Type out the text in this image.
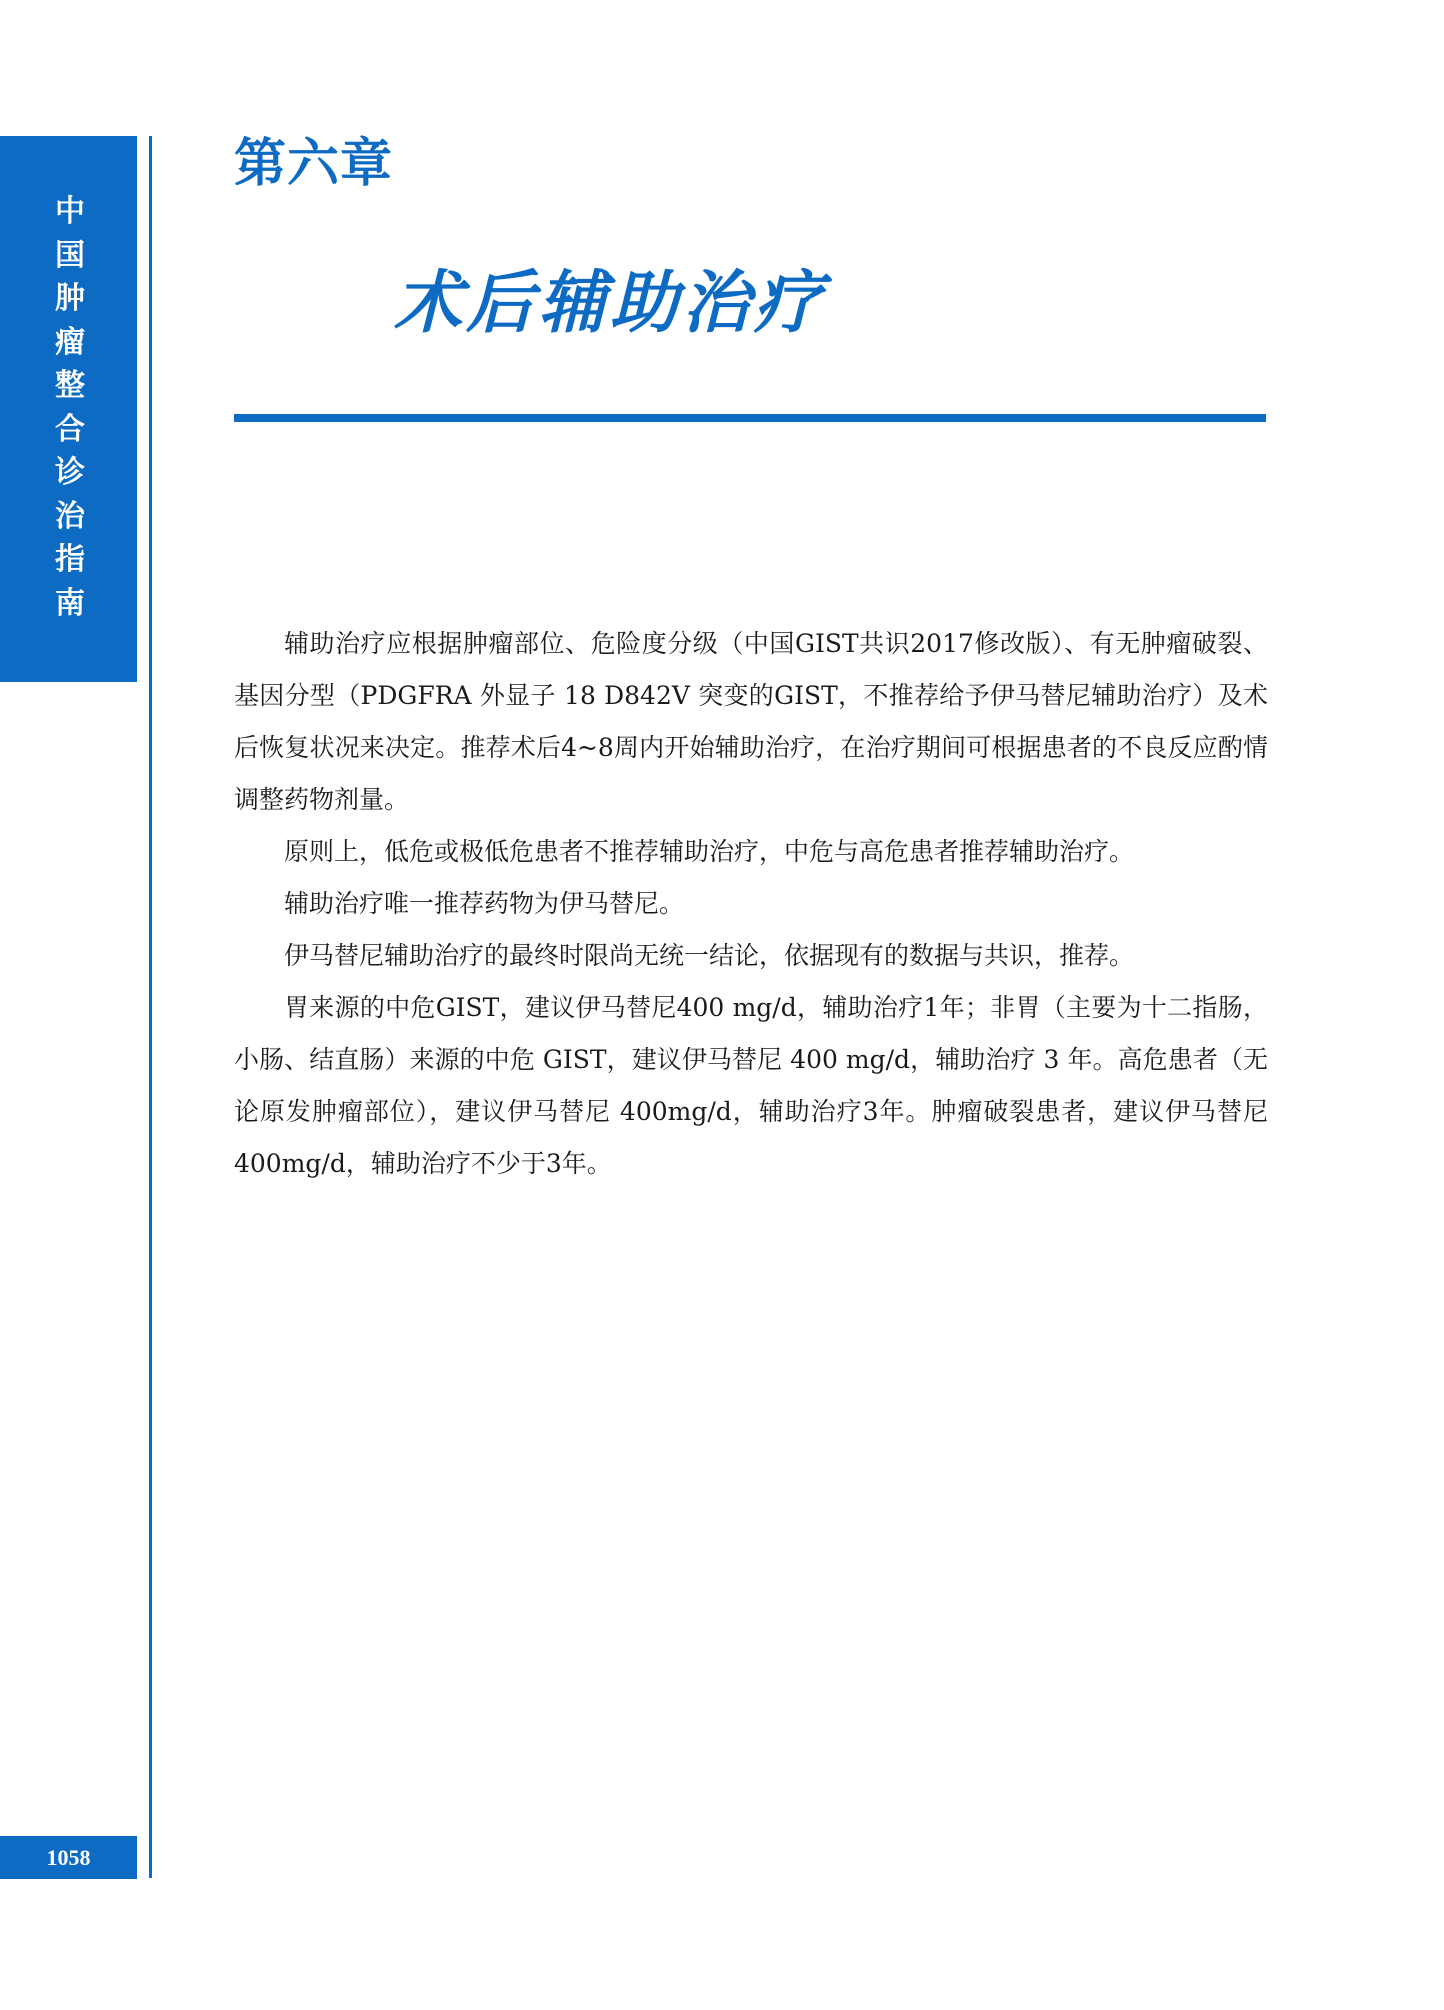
中国肿瘤整合诊治指南
1058
第六章
术后辅助治疗

辅助治疗应根据肿瘤部位、危险度分级（中国GIST共识2017修改版）、有无肿瘤破裂、基因分型（PDGFRA 外显子 18 D842V 突变的GIST，不推荐给予伊马替尼辅助治疗）及术后恢复状况来决定。推荐术后4~8周内开始辅助治疗，在治疗期间可根据患者的不良反应酌情调整药物剂量。

原则上，低危或极低危患者不推荐辅助治疗，中危与高危患者推荐辅助治疗。

辅助治疗唯一推荐药物为伊马替尼。

伊马替尼辅助治疗的最终时限尚无统一结论，依据现有的数据与共识，推荐。

胃来源的中危GIST，建议伊马替尼400 mg/d，辅助治疗1年；非胃（主要为十二指肠，小肠、结直肠）来源的中危 GIST，建议伊马替尼 400 mg/d，辅助治疗 3 年。高危患者（无论原发肿瘤部位），建议伊马替尼 400mg/d，辅助治疗3年。肿瘤破裂患者，建议伊马替尼 400mg/d，辅助治疗不少于3年。
